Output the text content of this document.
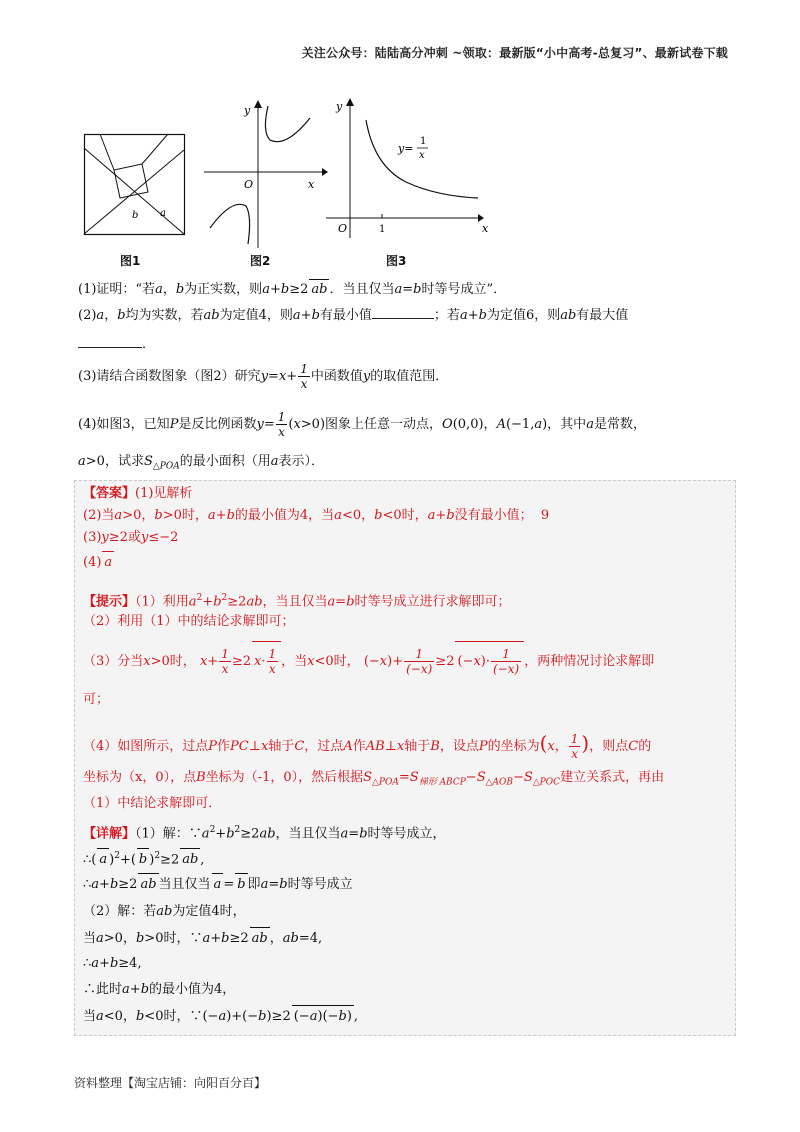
关注公众号：陆陆高分冲刺 ~领取：最新版“小中高考-总复习”、最新试卷下载
b a
图1
y
x
O
图2
y
x
O	1
y=
1
x
图3
(1)证明：“若a，b为正实数，则a+b≥2 ab ．当且仅当a=b时等号成立”．
(2)a，b均为实数，若ab为定值4，则a+b有最小值	；若a+b为定值6，则ab有最大值
．
(3)请结合函数图象（图2）研究$y=x+ \frac{1}{x}$ 中函数值y的取值范围．
(4)如图3，已知P是反比例函数$y= \frac{1}{x} (x>0)$图象上任意一动点，O(0,0)，A(−1,a)，其中a是常数，
a>0，试求$S_{\triangle POA}$的最小面积（用a表示）．
【答案】(1)见解析
(2)当a>0，b>0时，a+b的最小值为4，当a<0，b<0时，a+b没有最小值； 9
(3)y≥2或y≤−2
(4) a
【提示】（1）利用$a^2+b^2\ge 2ab$，当且仅当a=b时等号成立进行求解即可；
（2）利用（1）中的结论求解即可；
（3）分当x>0时， $x+ \frac{1}{x} \ge 2$ $x\cdot \frac{1}{x}$ ，当x<0时， $(-x)+ \frac{1}{(-x)} \ge 2$ $(-x)\cdot \frac{1}{(-x)}$ ，两种情况讨论求解即
可；
（4）如图所示，过点P作PC⊥x轴于C，过点A作AB⊥x轴于B，设点P的坐标为(x， $\frac{1}{x}$ )，则点C的
坐标为（x，0），点B坐标为（-1，0），然后根据$S_{\triangle POA}=S_{梯形 ABCP}-S_{\triangle AOB}-S_{\triangle POC}$建立关系式，再由
（1）中结论求解即可．
【详解】（1）解：$\because a^2+b^2\ge 2ab$，当且仅当a=b时等号成立，
∴( a )$^2$+( b )$^2$≥2 ab ,
∴a+b≥2 ab 当且仅当 a = b 即a=b时等号成立
（2）解：若ab为定值4时，
当a>0，b>0时，∵a+b≥2 ab ，ab=4,
∴a+b≥4,
∴此时a+b的最小值为4，
当a<0，b<0时，∵(−a)+(−b)≥2 (−a)(−b) ,
资料整理【淘宝店铺：向阳百分百】
